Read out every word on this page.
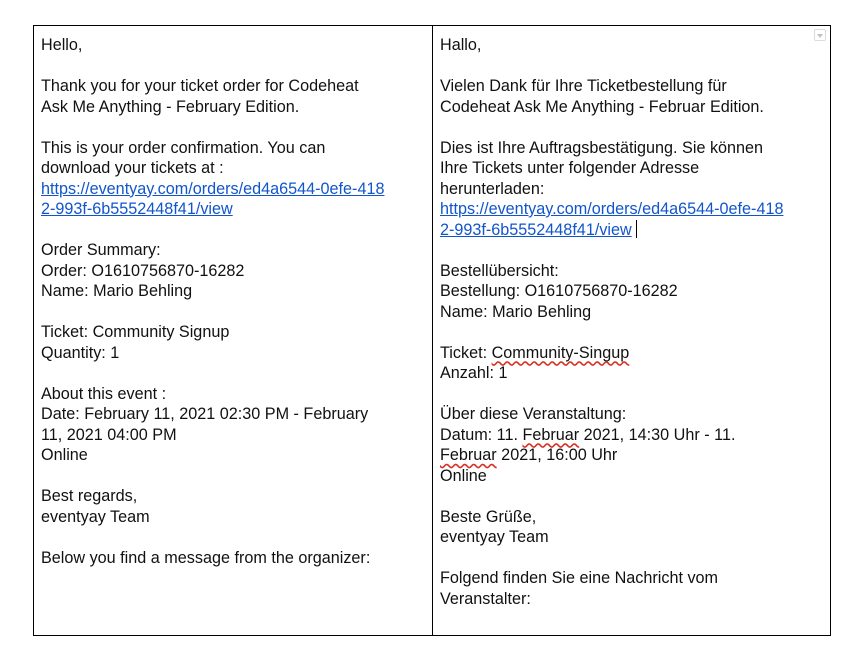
Hello,
Thank you for your ticket order for Codeheat
Ask Me Anything - February Edition.
This is your order confirmation. You can
download your tickets at :
https://eventyay.com/orders/ed4a6544-0efe-418
2-993f-6b5552448f41/view
Order Summary:
Order: O1610756870-16282
Name: Mario Behling
Ticket: Community Signup
Quantity: 1
About this event :
Date: February 11, 2021 02:30 PM - February
11, 2021 04:00 PM
Online
Best regards,
eventyay Team
Below you find a message from the organizer:
Hallo,
Vielen Dank für Ihre Ticketbestellung für
Codeheat Ask Me Anything - Februar Edition.
Dies ist Ihre Auftragsbestätigung. Sie können
Ihre Tickets unter folgender Adresse
herunterladen:
https://eventyay.com/orders/ed4a6544-0efe-418
2-993f-6b5552448f41/view
Bestellübersicht:
Bestellung: O1610756870-16282
Name: Mario Behling
Ticket: Community-Singup
Anzahl: 1
Über diese Veranstaltung:
Datum: 11. Februar 2021, 14:30 Uhr - 11.
Februar 2021, 16:00 Uhr
Online
Beste Grüße,
eventyay Team
Folgend finden Sie eine Nachricht vom
Veranstalter:
